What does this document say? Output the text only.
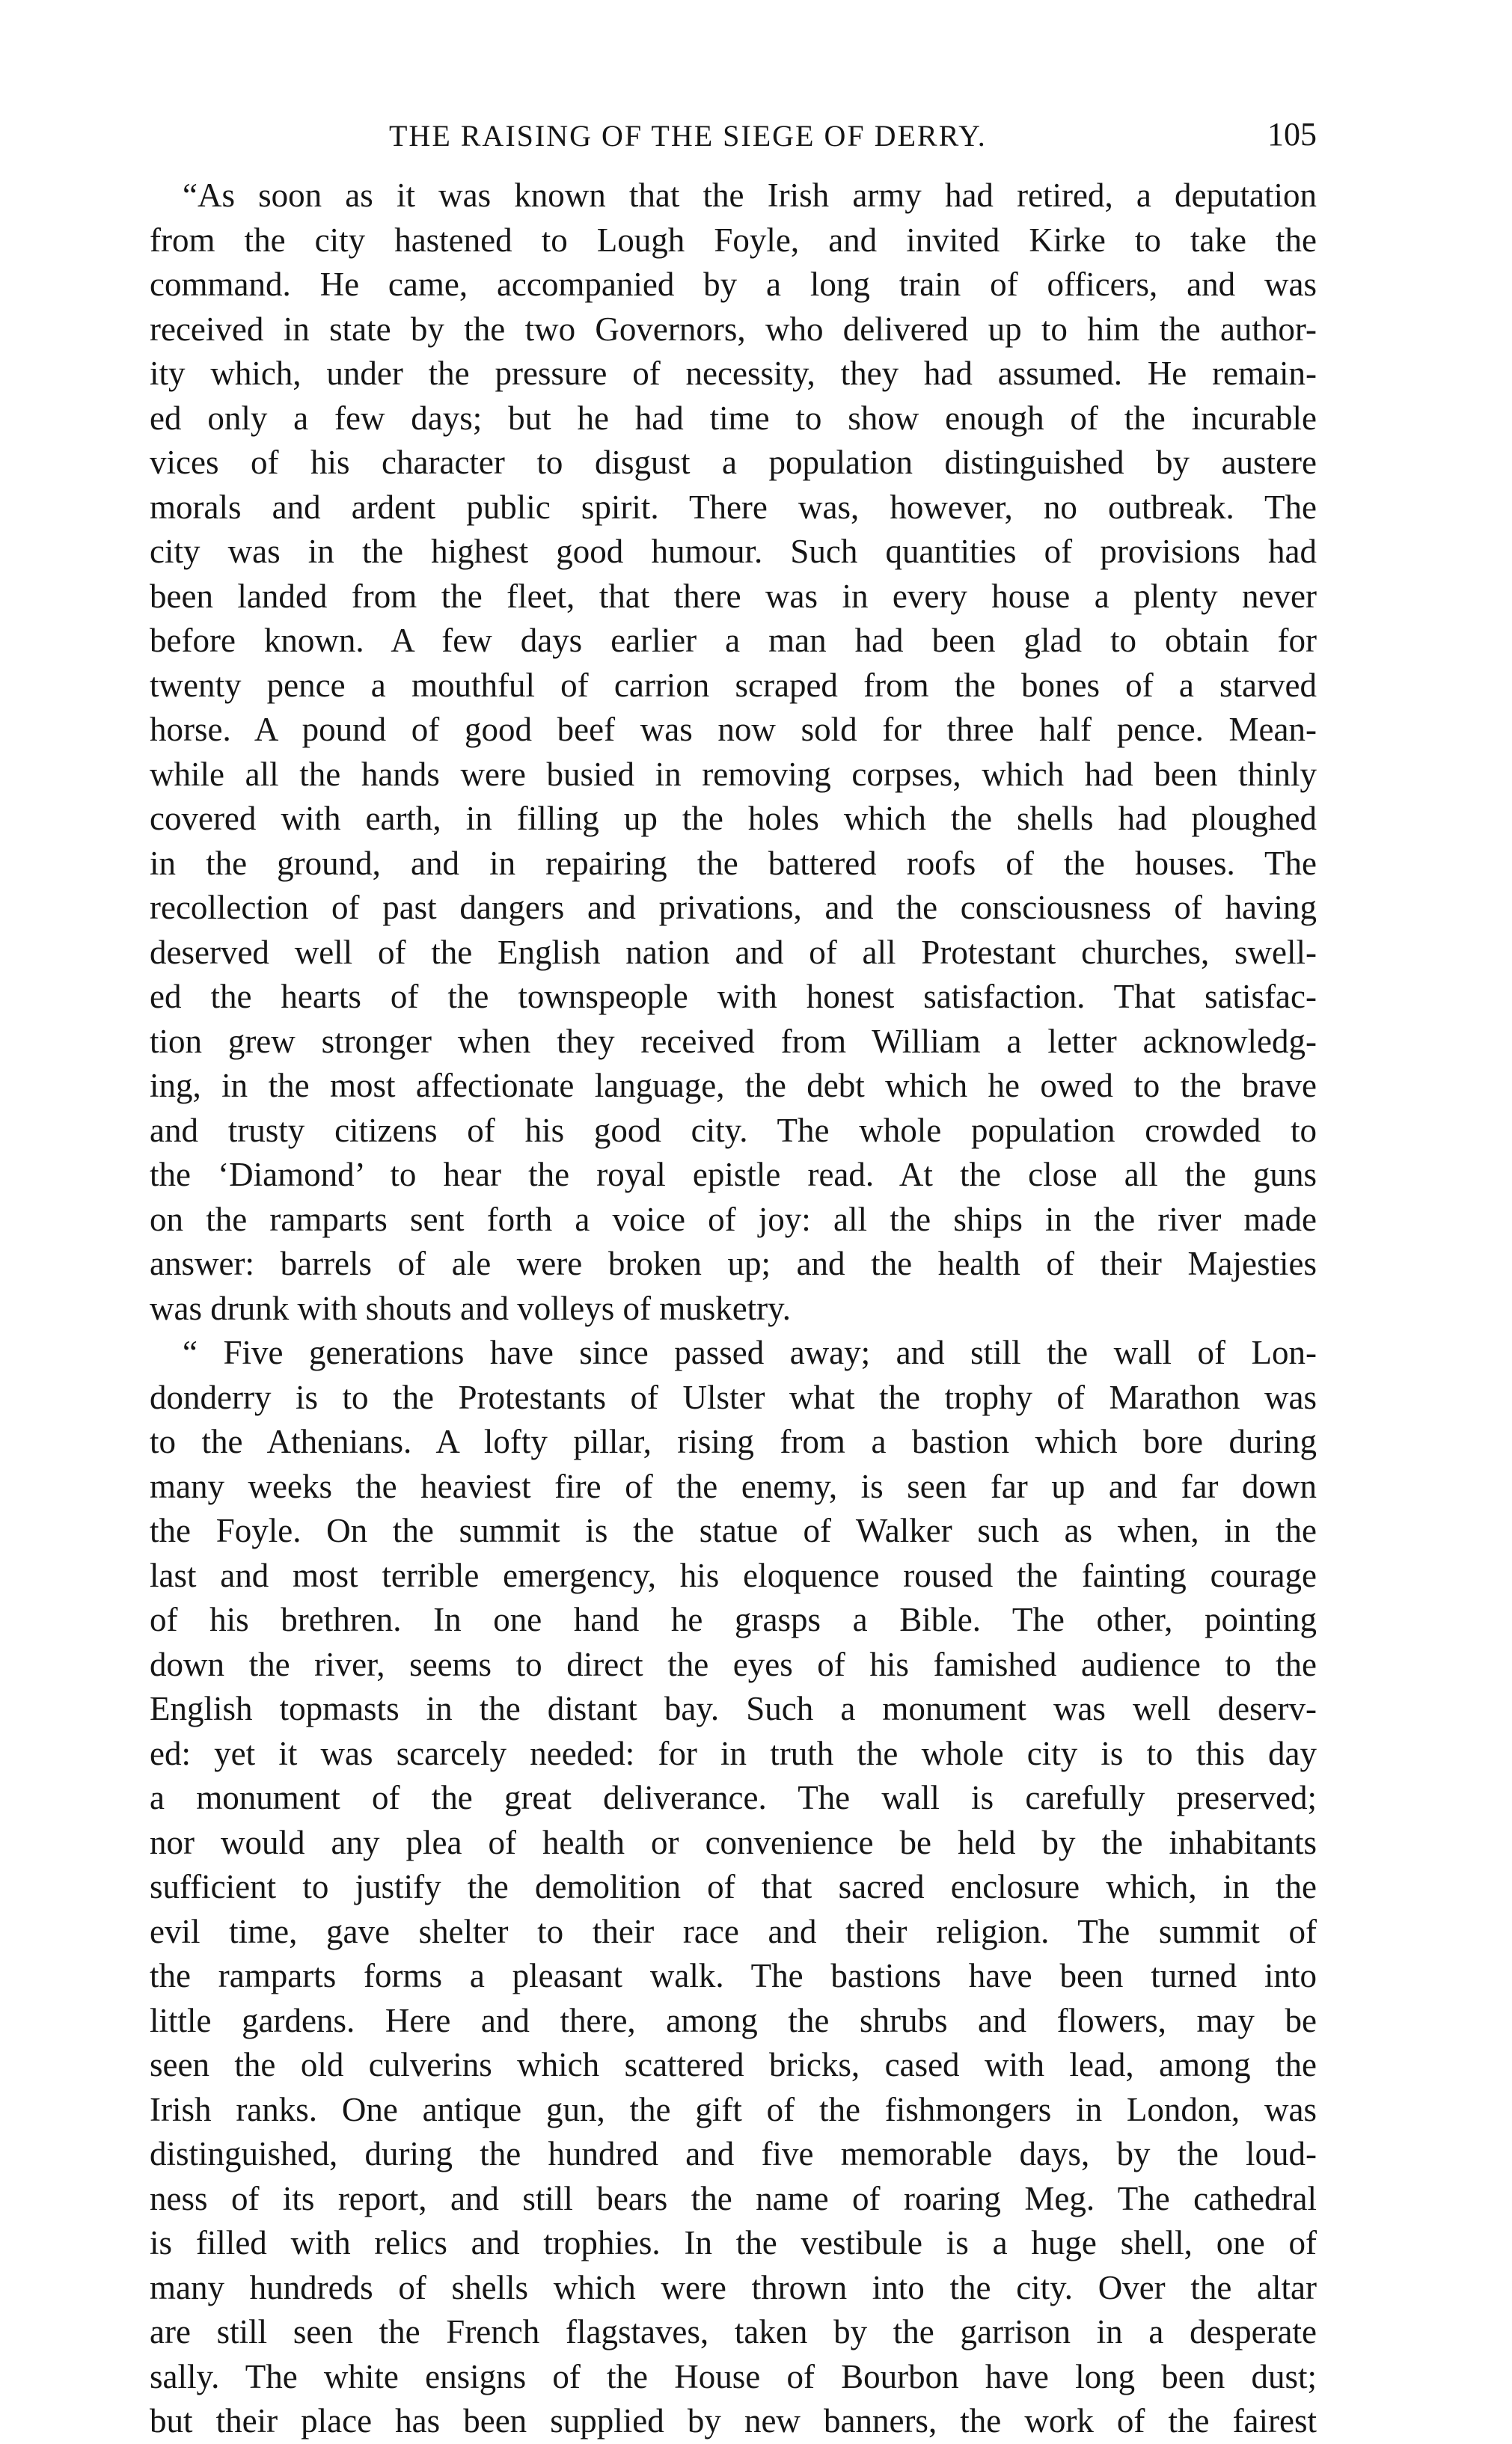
THE RAISING OF THE SIEGE OF DERRY.	105
“As soon as it was known that the Irish army had retired, a deputation
from the city hastened to Lough Foyle, and invited Kirke to take the
command. He came, accompanied by a long train of officers, and was
received in state by the two Governors, who delivered up to him the author-
ity which, under the pressure of necessity, they had assumed. He remain-
ed only a few days; but he had time to show enough of the incurable
vices of his character to disgust a population distinguished by austere
morals and ardent public spirit. There was, however, no outbreak. The
city was in the highest good humour. Such quantities of provisions had
been landed from the fleet, that there was in every house a plenty never
before known. A few days earlier a man had been glad to obtain for
twenty pence a mouthful of carrion scraped from the bones of a starved
horse. A pound of good beef was now sold for three half pence. Mean-
while all the hands were busied in removing corpses, which had been thinly
covered with earth, in filling up the holes which the shells had ploughed
in the ground, and in repairing the battered roofs of the houses. The
recollection of past dangers and privations, and the consciousness of having
deserved well of the English nation and of all Protestant churches, swell-
ed the hearts of the townspeople with honest satisfaction. That satisfac-
tion grew stronger when they received from William a letter acknowledg-
ing, in the most affectionate language, the debt which he owed to the brave
and trusty citizens of his good city. The whole population crowded to
the ‘Diamond’ to hear the royal epistle read. At the close all the guns
on the ramparts sent forth a voice of joy: all the ships in the river made
answer: barrels of ale were broken up; and the health of their Majesties
was drunk with shouts and volleys of musketry.
“ Five generations have since passed away; and still the wall of Lon-
donderry is to the Protestants of Ulster what the trophy of Marathon was
to the Athenians. A lofty pillar, rising from a bastion which bore during
many weeks the heaviest fire of the enemy, is seen far up and far down
the Foyle. On the summit is the statue of Walker such as when, in the
last and most terrible emergency, his eloquence roused the fainting courage
of his brethren. In one hand he grasps a Bible. The other, pointing
down the river, seems to direct the eyes of his famished audience to the
English topmasts in the distant bay. Such a monument was well deserv-
ed: yet it was scarcely needed: for in truth the whole city is to this day
a monument of the great deliverance. The wall is carefully preserved;
nor would any plea of health or convenience be held by the inhabitants
sufficient to justify the demolition of that sacred enclosure which, in the
evil time, gave shelter to their race and their religion. The summit of
the ramparts forms a pleasant walk. The bastions have been turned into
little gardens. Here and there, among the shrubs and flowers, may be
seen the old culverins which scattered bricks, cased with lead, among the
Irish ranks. One antique gun, the gift of the fishmongers in London, was
distinguished, during the hundred and five memorable days, by the loud-
ness of its report, and still bears the name of roaring Meg. The cathedral
is filled with relics and trophies. In the vestibule is a huge shell, one of
many hundreds of shells which were thrown into the city. Over the altar
are still seen the French flagstaves, taken by the garrison in a desperate
sally. The white ensigns of the House of Bourbon have long been dust;
but their place has been supplied by new banners, the work of the fairest
